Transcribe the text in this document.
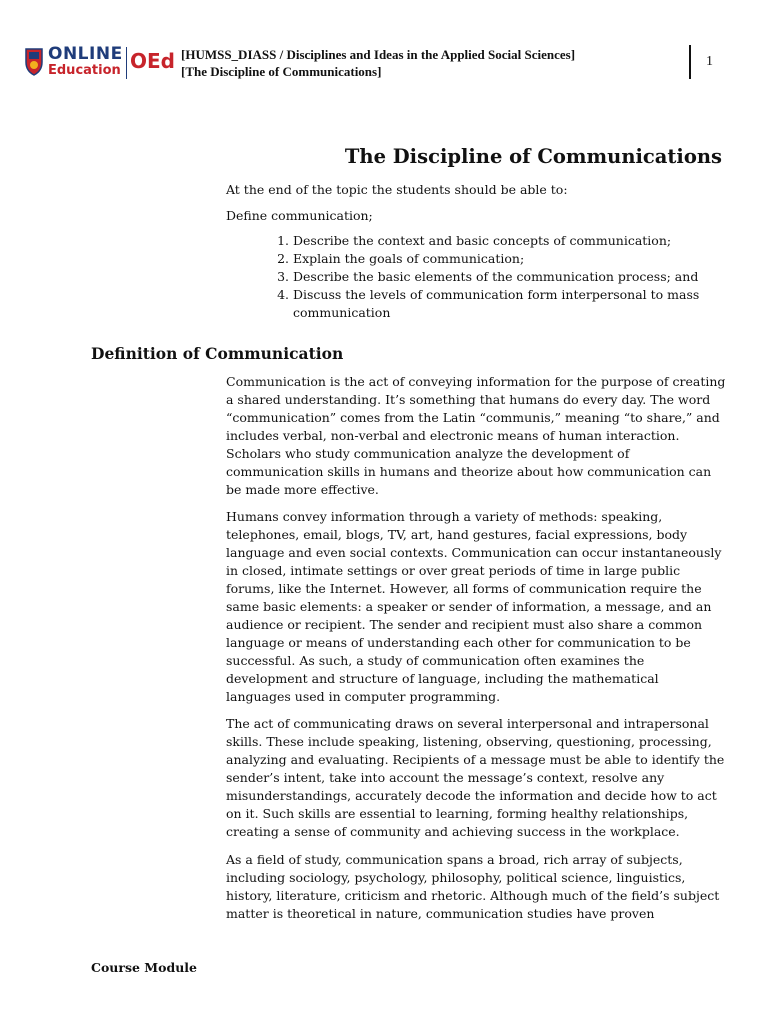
ONLINE
Education OEd [HUMSS_DIASS / Disciplines and Ideas in the Applied Social Sciences]
[The Discipline of Communications]
1
The Discipline of Communications

At the end of the topic the students should be able to:

Define communication;

1. Describe the context and basic concepts of communication;
2. Explain the goals of communication;
3. Describe the basic elements of the communication process; and
4. Discuss the levels of communication form interpersonal to mass communication
Definition of Communication

Communication is the act of conveying information for the purpose of creating a shared understanding. It’s something that humans do every day. The word “communication” comes from the Latin “communis,” meaning “to share,” and includes verbal, non-verbal and electronic means of human interaction. Scholars who study communication analyze the development of communication skills in humans and theorize about how communication can be made more effective.

Humans convey information through a variety of methods: speaking, telephones, email, blogs, TV, art, hand gestures, facial expressions, body language and even social contexts. Communication can occur instantaneously in closed, intimate settings or over great periods of time in large public forums, like the Internet. However, all forms of communication require the same basic elements: a speaker or sender of information, a message, and an audience or recipient. The sender and recipient must also share a common language or means of understanding each other for communication to be successful. As such, a study of communication often examines the development and structure of language, including the mathematical languages used in computer programming.

The act of communicating draws on several interpersonal and intrapersonal skills. These include speaking, listening, observing, questioning, processing, analyzing and evaluating. Recipients of a message must be able to identify the sender’s intent, take into account the message’s context, resolve any misunderstandings, accurately decode the information and decide how to act on it. Such skills are essential to learning, forming healthy relationships, creating a sense of community and achieving success in the workplace.

As a field of study, communication spans a broad, rich array of subjects, including sociology, psychology, philosophy, political science, linguistics, history, literature, criticism and rhetoric. Although much of the field’s subject matter is theoretical in nature, communication studies have proven

Course Module
